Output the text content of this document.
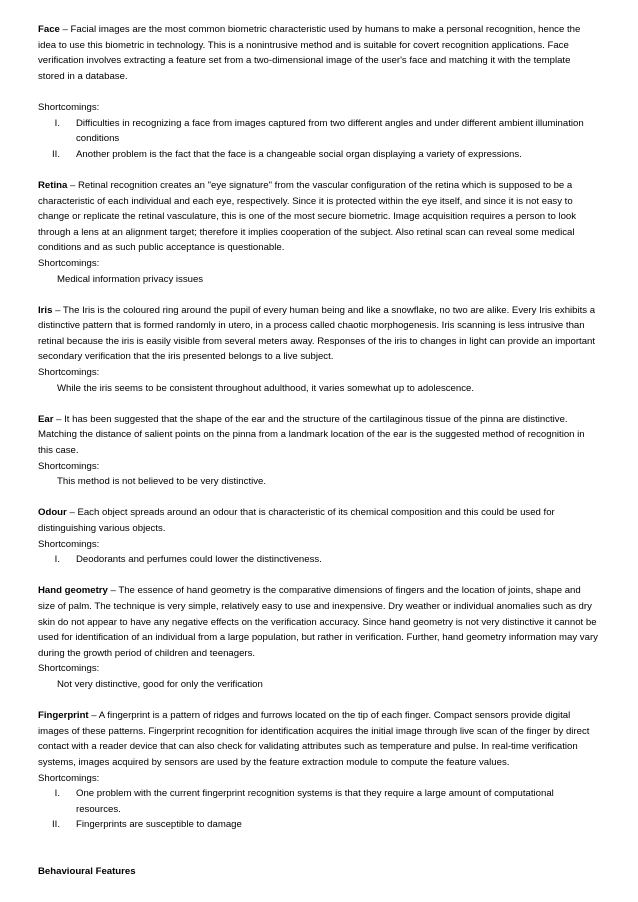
Face – Facial images are the most common biometric characteristic used by humans to make a personal recognition, hence the idea to use this biometric in technology. This is a nonintrusive method and is suitable for covert recognition applications. Face verification involves extracting a feature set from a two-dimensional image of the user's face and matching it with the template stored in a database.

Shortcomings:

I. Difficulties in recognizing a face from images captured from two different angles and under different ambient illumination conditions
II. Another problem is the fact that the face is a changeable social organ displaying a variety of expressions.

Retina – Retinal recognition creates an "eye signature" from the vascular configuration of the retina which is supposed to be a characteristic of each individual and each eye, respectively. Since it is protected within the eye itself, and since it is not easy to change or replicate the retinal vasculature, this is one of the most secure biometric. Image acquisition requires a person to look through a lens at an alignment target; therefore it implies cooperation of the subject. Also retinal scan can reveal some medical conditions and as such public acceptance is questionable.

Shortcomings:

Medical information privacy issues

Iris – The Iris is the coloured ring around the pupil of every human being and like a snowflake, no two are alike. Every Iris exhibits a distinctive pattern that is formed randomly in utero, in a process called chaotic morphogenesis. Iris scanning is less intrusive than retinal because the iris is easily visible from several meters away. Responses of the iris to changes in light can provide an important secondary verification that the iris presented belongs to a live subject.

Shortcomings:

While the iris seems to be consistent throughout adulthood, it varies somewhat up to adolescence.

Ear – It has been suggested that the shape of the ear and the structure of the cartilaginous tissue of the pinna are distinctive. Matching the distance of salient points on the pinna from a landmark location of the ear is the suggested method of recognition in this case.

Shortcomings:

This method is not believed to be very distinctive.

Odour – Each object spreads around an odour that is characteristic of its chemical composition and this could be used for distinguishing various objects.

Shortcomings:

I. Deodorants and perfumes could lower the distinctiveness.

Hand geometry – The essence of hand geometry is the comparative dimensions of fingers and the location of joints, shape and size of palm. The technique is very simple, relatively easy to use and inexpensive. Dry weather or individual anomalies such as dry skin do not appear to have any negative effects on the verification accuracy. Since hand geometry is not very distinctive it cannot be used for identification of an individual from a large population, but rather in verification. Further, hand geometry information may vary during the growth period of children and teenagers.

Shortcomings:

Not very distinctive, good for only the verification

Fingerprint – A fingerprint is a pattern of ridges and furrows located on the tip of each finger. Compact sensors provide digital images of these patterns. Fingerprint recognition for identification acquires the initial image through live scan of the finger by direct contact with a reader device that can also check for validating attributes such as temperature and pulse. In real-time verification systems, images acquired by sensors are used by the feature extraction module to compute the feature values.

Shortcomings:

I. One problem with the current fingerprint recognition systems is that they require a large amount of computational resources.
II. Fingerprints are susceptible to damage

Behavioural Features
